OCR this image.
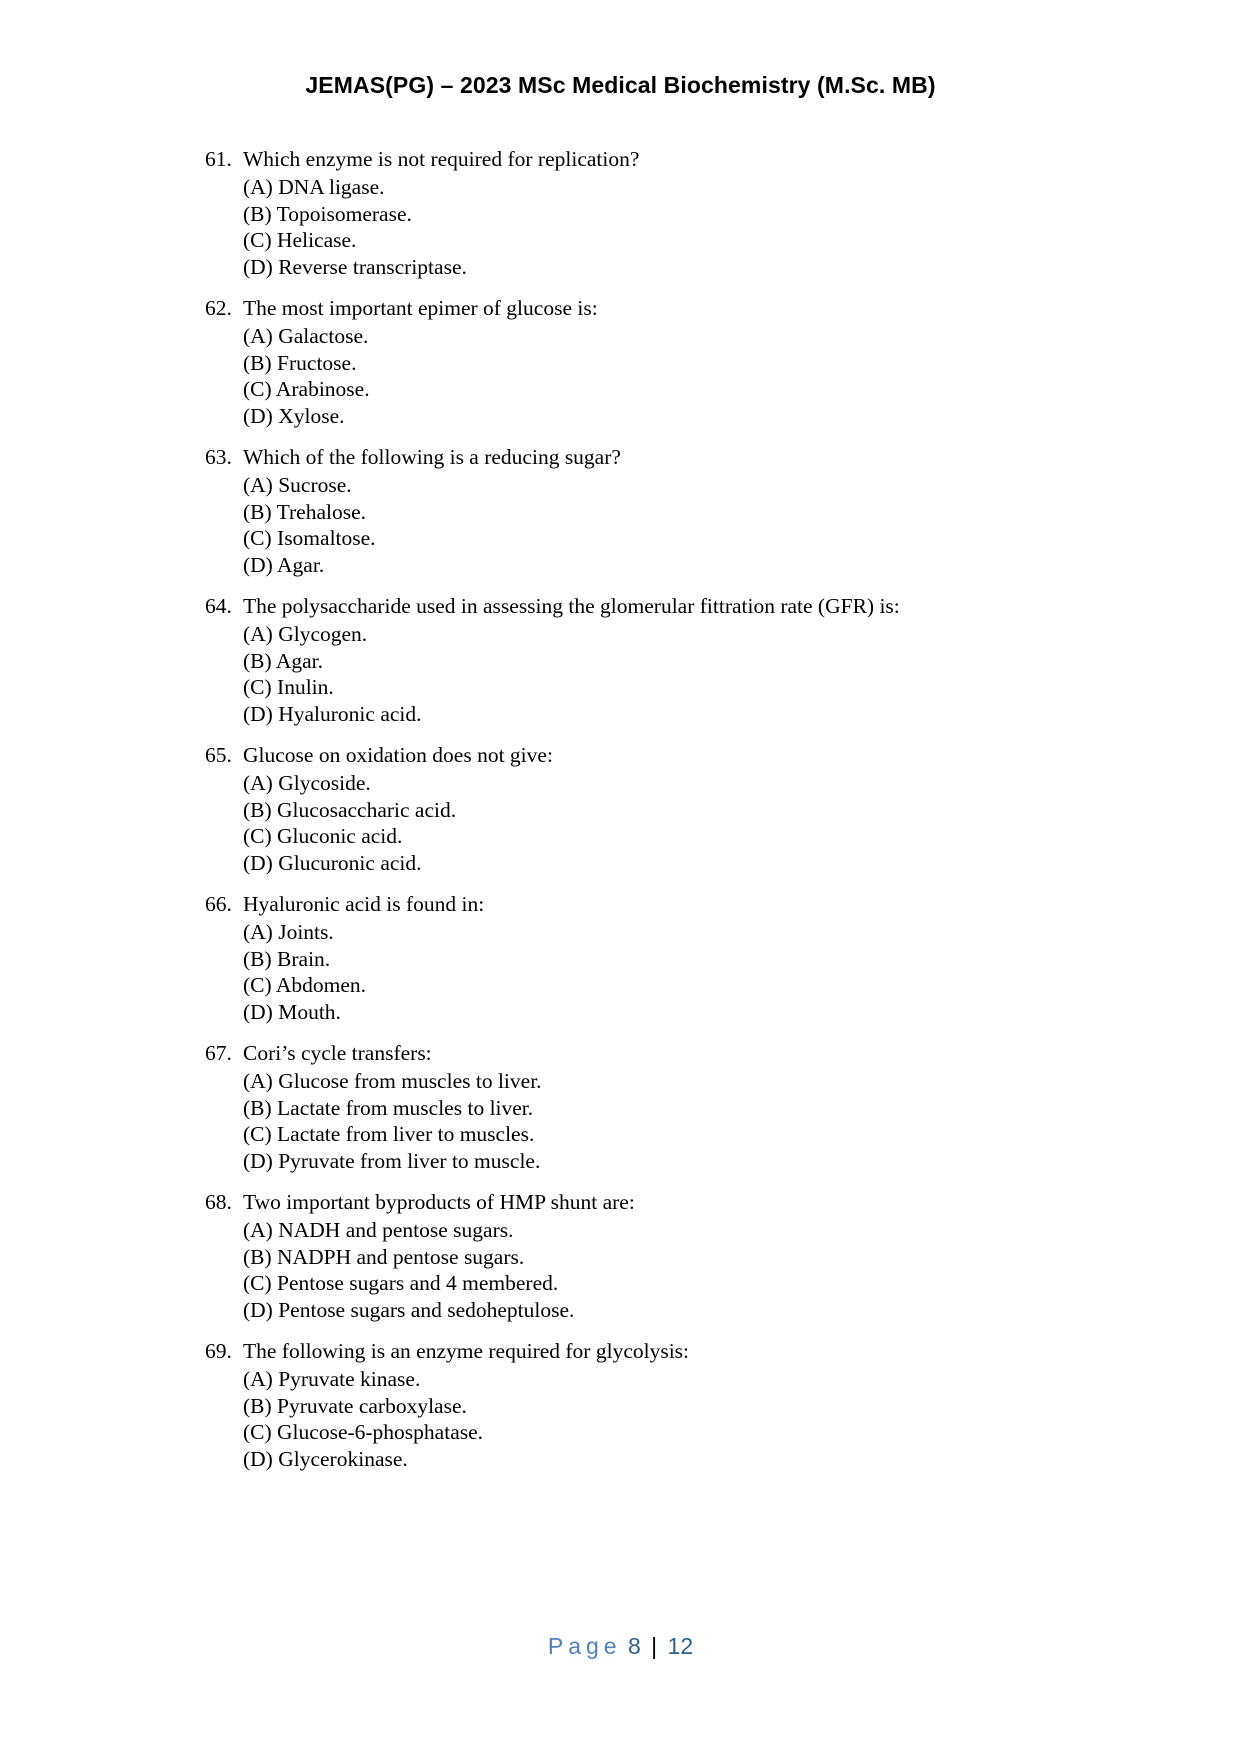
JEMAS(PG) – 2023 MSc Medical Biochemistry (M.Sc. MB)
61. Which enzyme is not required for replication?
(A) DNA ligase.
(B) Topoisomerase.
(C) Helicase.
(D) Reverse transcriptase.
62. The most important epimer of glucose is:
(A) Galactose.
(B) Fructose.
(C) Arabinose.
(D) Xylose.
63. Which of the following is a reducing sugar?
(A) Sucrose.
(B) Trehalose.
(C) Isomaltose.
(D) Agar.
64. The polysaccharide used in assessing the glomerular fittration rate (GFR) is:
(A) Glycogen.
(B) Agar.
(C) Inulin.
(D) Hyaluronic acid.
65. Glucose on oxidation does not give:
(A) Glycoside.
(B) Glucosaccharic acid.
(C) Gluconic acid.
(D) Glucuronic acid.
66. Hyaluronic acid is found in:
(A) Joints.
(B) Brain.
(C) Abdomen.
(D) Mouth.
67. Cori’s cycle transfers:
(A) Glucose from muscles to liver.
(B) Lactate from muscles to liver.
(C) Lactate from liver to muscles.
(D) Pyruvate from liver to muscle.
68. Two important byproducts of HMP shunt are:
(A) NADH and pentose sugars.
(B) NADPH and pentose sugars.
(C) Pentose sugars and 4 membered.
(D) Pentose sugars and sedoheptulose.
69. The following is an enzyme required for glycolysis:
(A) Pyruvate kinase.
(B) Pyruvate carboxylase.
(C) Glucose-6-phosphatase.
(D) Glycerokinase.
Page 8 | 12
